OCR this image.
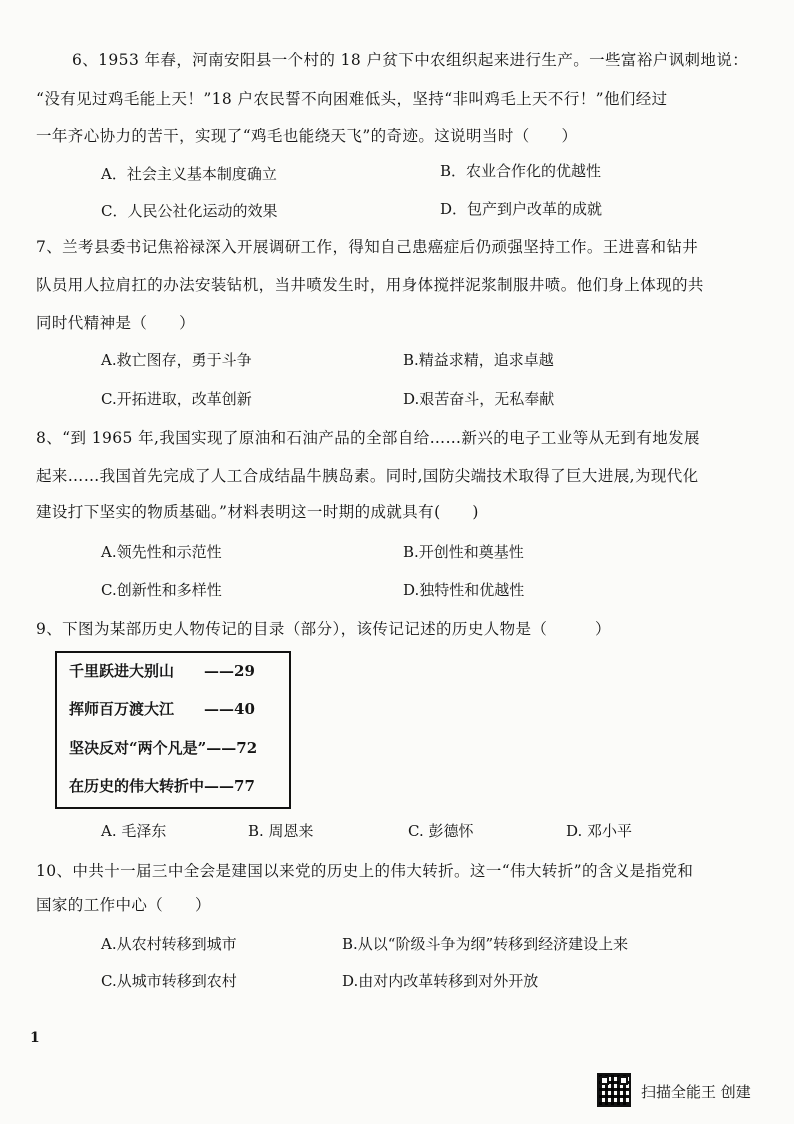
6、1953 年春，河南安阳县一个村的 18 户贫下中农组织起来进行生产。一些富裕户讽刺地说：
“没有见过鸡毛能上天！”18 户农民誓不向困难低头，坚持“非叫鸡毛上天不行！”他们经过
一年齐心协力的苦干，实现了“鸡毛也能绕天飞”的奇迹。这说明当时（　　）
A．社会主义基本制度确立	B．农业合作化的优越性
C．人民公社化运动的效果	D．包产到户改革的成就
7、兰考县委书记焦裕禄深入开展调研工作，得知自己患癌症后仍顽强坚持工作。王进喜和钻井
队员用人拉肩扛的办法安装钻机，当井喷发生时，用身体搅拌泥浆制服井喷。他们身上体现的共
同时代精神是（　　）
A.救亡图存，勇于斗争	B.精益求精，追求卓越
C.开拓进取，改革创新	D.艰苦奋斗，无私奉献
8、“到 1965 年,我国实现了原油和石油产品的全部自给……新兴的电子工业等从无到有地发展
起来……我国首先完成了人工合成结晶牛胰岛素。同时,国防尖端技术取得了巨大进展,为现代化
建设打下坚实的物质基础。”材料表明这一时期的成就具有(　　)
A.领先性和示范性	B.开创性和奠基性
C.创新性和多样性	D.独特性和优越性
9、下图为某部历史人物传记的目录（部分），该传记记述的历史人物是（　　　）
千里跃进大别山　　——29
挥师百万渡大江　　——40
坚决反对“两个凡是”——72
在历史的伟大转折中——77
A. 毛泽东	B. 周恩来	C. 彭德怀	D. 邓小平
10、中共十一届三中全会是建国以来党的历史上的伟大转折。这一“伟大转折”的含义是指党和
国家的工作中心（　　）
A.从农村转移到城市	B.从以“阶级斗争为纲”转移到经济建设上来
C.从城市转移到农村	D.由对内改革转移到对外开放
1
扫描全能王 创建
